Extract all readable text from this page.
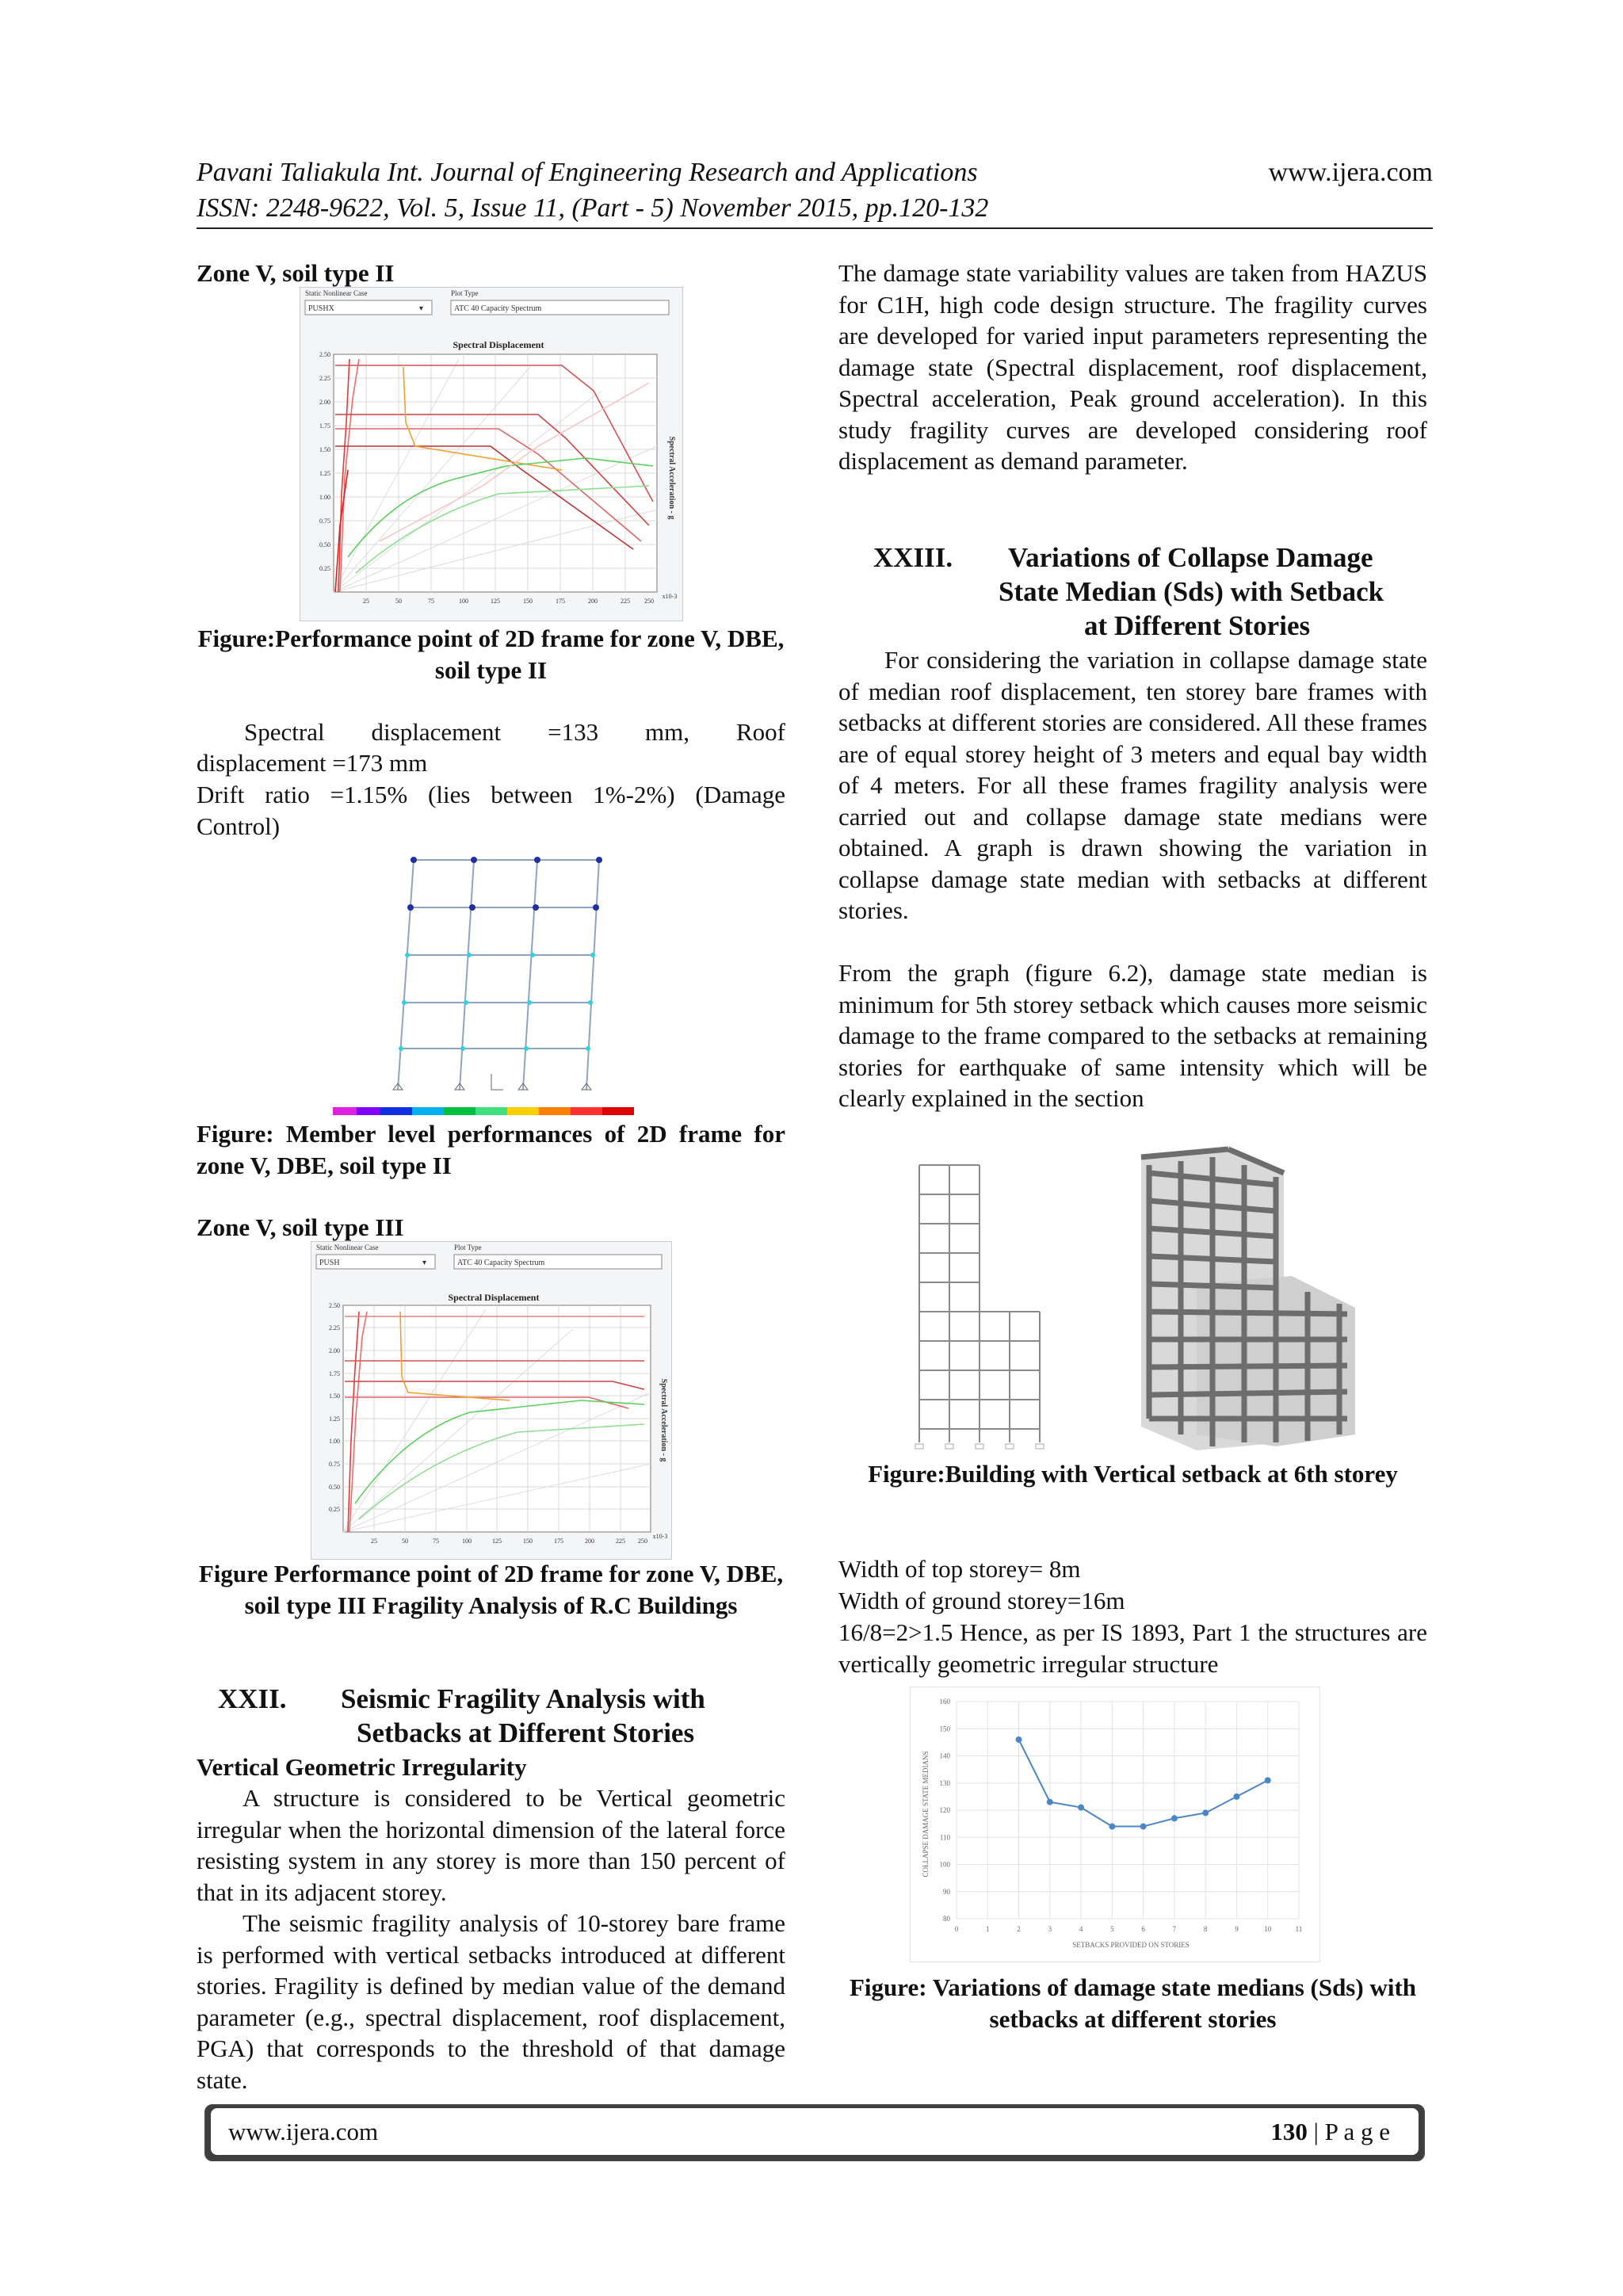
Pavani Taliakula Int. Journal of Engineering Research and Applications	www.ijera.com
ISSN: 2248-9622, Vol. 5, Issue 11, (Part - 5) November 2015, pp.120-132
Zone V, soil type II
Static Nonlinear Case
PUSHX	▾
Plot Type
ATC 40 Capacity Spectrum
Spectral Displacement
2.50
2.25
2.00
1.75
1.50
1.25
1.00
0.75
0.50
0.25
25	50	75	100	125	150	175	200	225 250
x10-3
Spectral Acceleration - g
Figure:Performance point of 2D frame for zone V, DBE, soil type II
Spectral displacement =133 mm, Roof
displacement =173 mm
Drift ratio =1.15% (lies between 1%-2%) (Damage Control)
Figure: Member level performances of 2D frame for zone V, DBE, soil type II
Zone V, soil type III
Static Nonlinear Case
PUSH	▾
Plot Type
ATC 40 Capacity Spectrum
Spectral Displacement
2.50
2.25
2.00
1.75
1.50
1.25
1.00
0.75
0.50
0.25
25	50	75	100	125	150	175	200	225 250
x10-3
Spectral Acceleration - g
Figure Performance point of 2D frame for zone V, DBE, soil type III Fragility Analysis of R.C Buildings
XXII. Seismic Fragility Analysis with
Setbacks at Different Stories
Vertical Geometric Irregularity
A structure is considered to be Vertical geometric irregular when the horizontal dimension of the lateral force resisting system in any storey is more than 150 percent of that in its adjacent storey.
The seismic fragility analysis of 10-storey bare frame is performed with vertical setbacks introduced at different stories. Fragility is defined by median value of the demand parameter (e.g., spectral displacement, roof displacement, PGA) that corresponds to the threshold of that damage state.
The damage state variability values are taken from HAZUS for C1H, high code design structure. The fragility curves are developed for varied input parameters representing the damage state (Spectral displacement, roof displacement, Spectral acceleration, Peak ground acceleration). In this study fragility curves are developed considering roof displacement as demand parameter.
XXIII. Variations of Collapse Damage
State Median (Sds) with Setback
at Different Stories
For considering the variation in collapse damage state of median roof displacement, ten storey bare frames with setbacks at different stories are considered. All these frames are of equal storey height of 3 meters and equal bay width of 4 meters. For all these frames fragility analysis were carried out and collapse damage state medians were obtained. A graph is drawn showing the variation in collapse damage state median with setbacks at different stories.
From the graph (figure 6.2), damage state median is minimum for 5th storey setback which causes more seismic damage to the frame compared to the setbacks at remaining stories for earthquake of same intensity which will be clearly explained in the section
Figure:Building with Vertical setback at 6th storey
Width of top storey= 8m
Width of ground storey=16m
16/8=2>1.5 Hence, as per IS 1893, Part 1 the structures are vertically geometric irregular structure
0	1	2	3	4	5	6	7	8	9	10	11
160
150
140
130
120
110
100
90
80
SETBACKS PROVIDED ON STORIES
COLLAPSE DAMAGE STATE MEDIANS
Figure: Variations of damage state medians (Sds) with setbacks at different stories
www.ijera.com	130 | P a g e
